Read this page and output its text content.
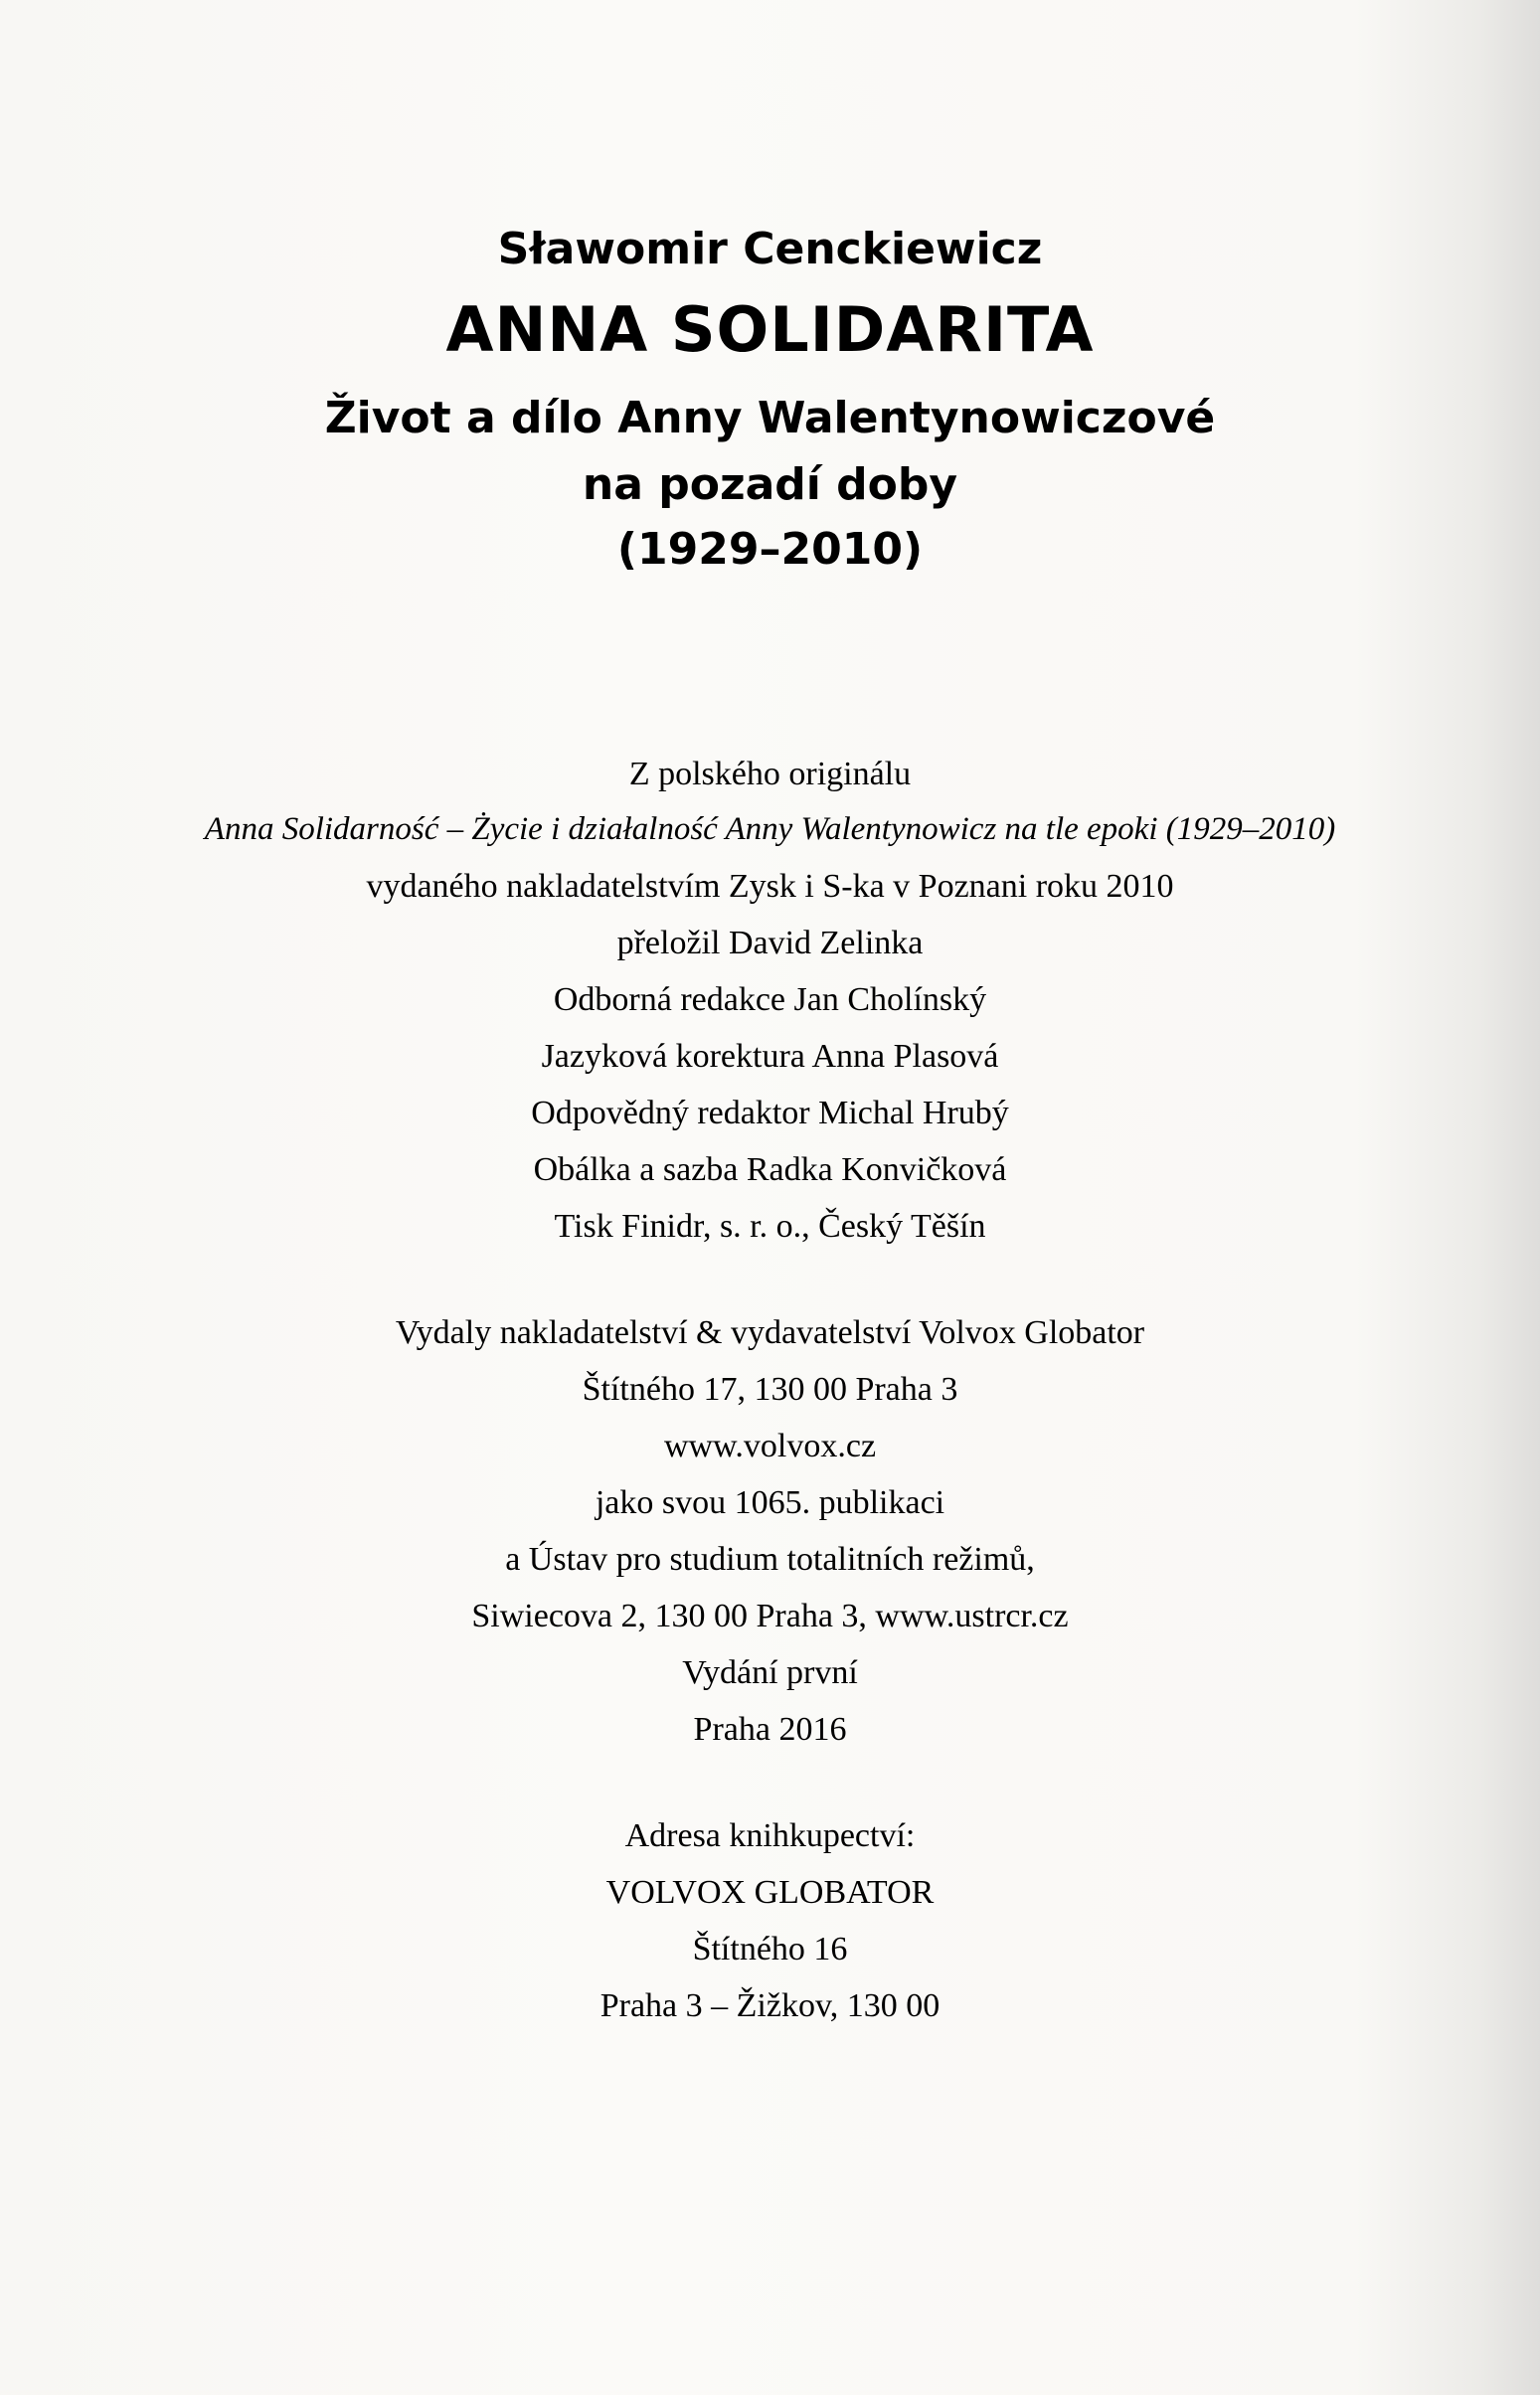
Sławomir Cenckiewicz
ANNA SOLIDARITA
Život a dílo Anny Walentynowiczové
na pozadí doby
(1929–2010)
Z polského originálu
Anna Solidarność – Życie i działalność Anny Walentynowicz na tle epoki (1929–2010)
vydaného nakladatelstvím Zysk i S-ka v Poznani roku 2010
přeložil David Zelinka
Odborná redakce Jan Cholínský
Jazyková korektura Anna Plasová
Odpovědný redaktor Michal Hrubý
Obálka a sazba Radka Konvičková
Tisk Finidr, s. r. o., Český Těšín
Vydaly nakladatelství & vydavatelství Volvox Globator
Štítného 17, 130 00 Praha 3
www.volvox.cz
jako svou 1065. publikaci
a Ústav pro studium totalitních režimů,
Siwiecova 2, 130 00 Praha 3, www.ustrcr.cz
Vydání první
Praha 2016
Adresa knihkupectví:
VOLVOX GLOBATOR
Štítného 16
Praha 3 – Žižkov, 130 00
